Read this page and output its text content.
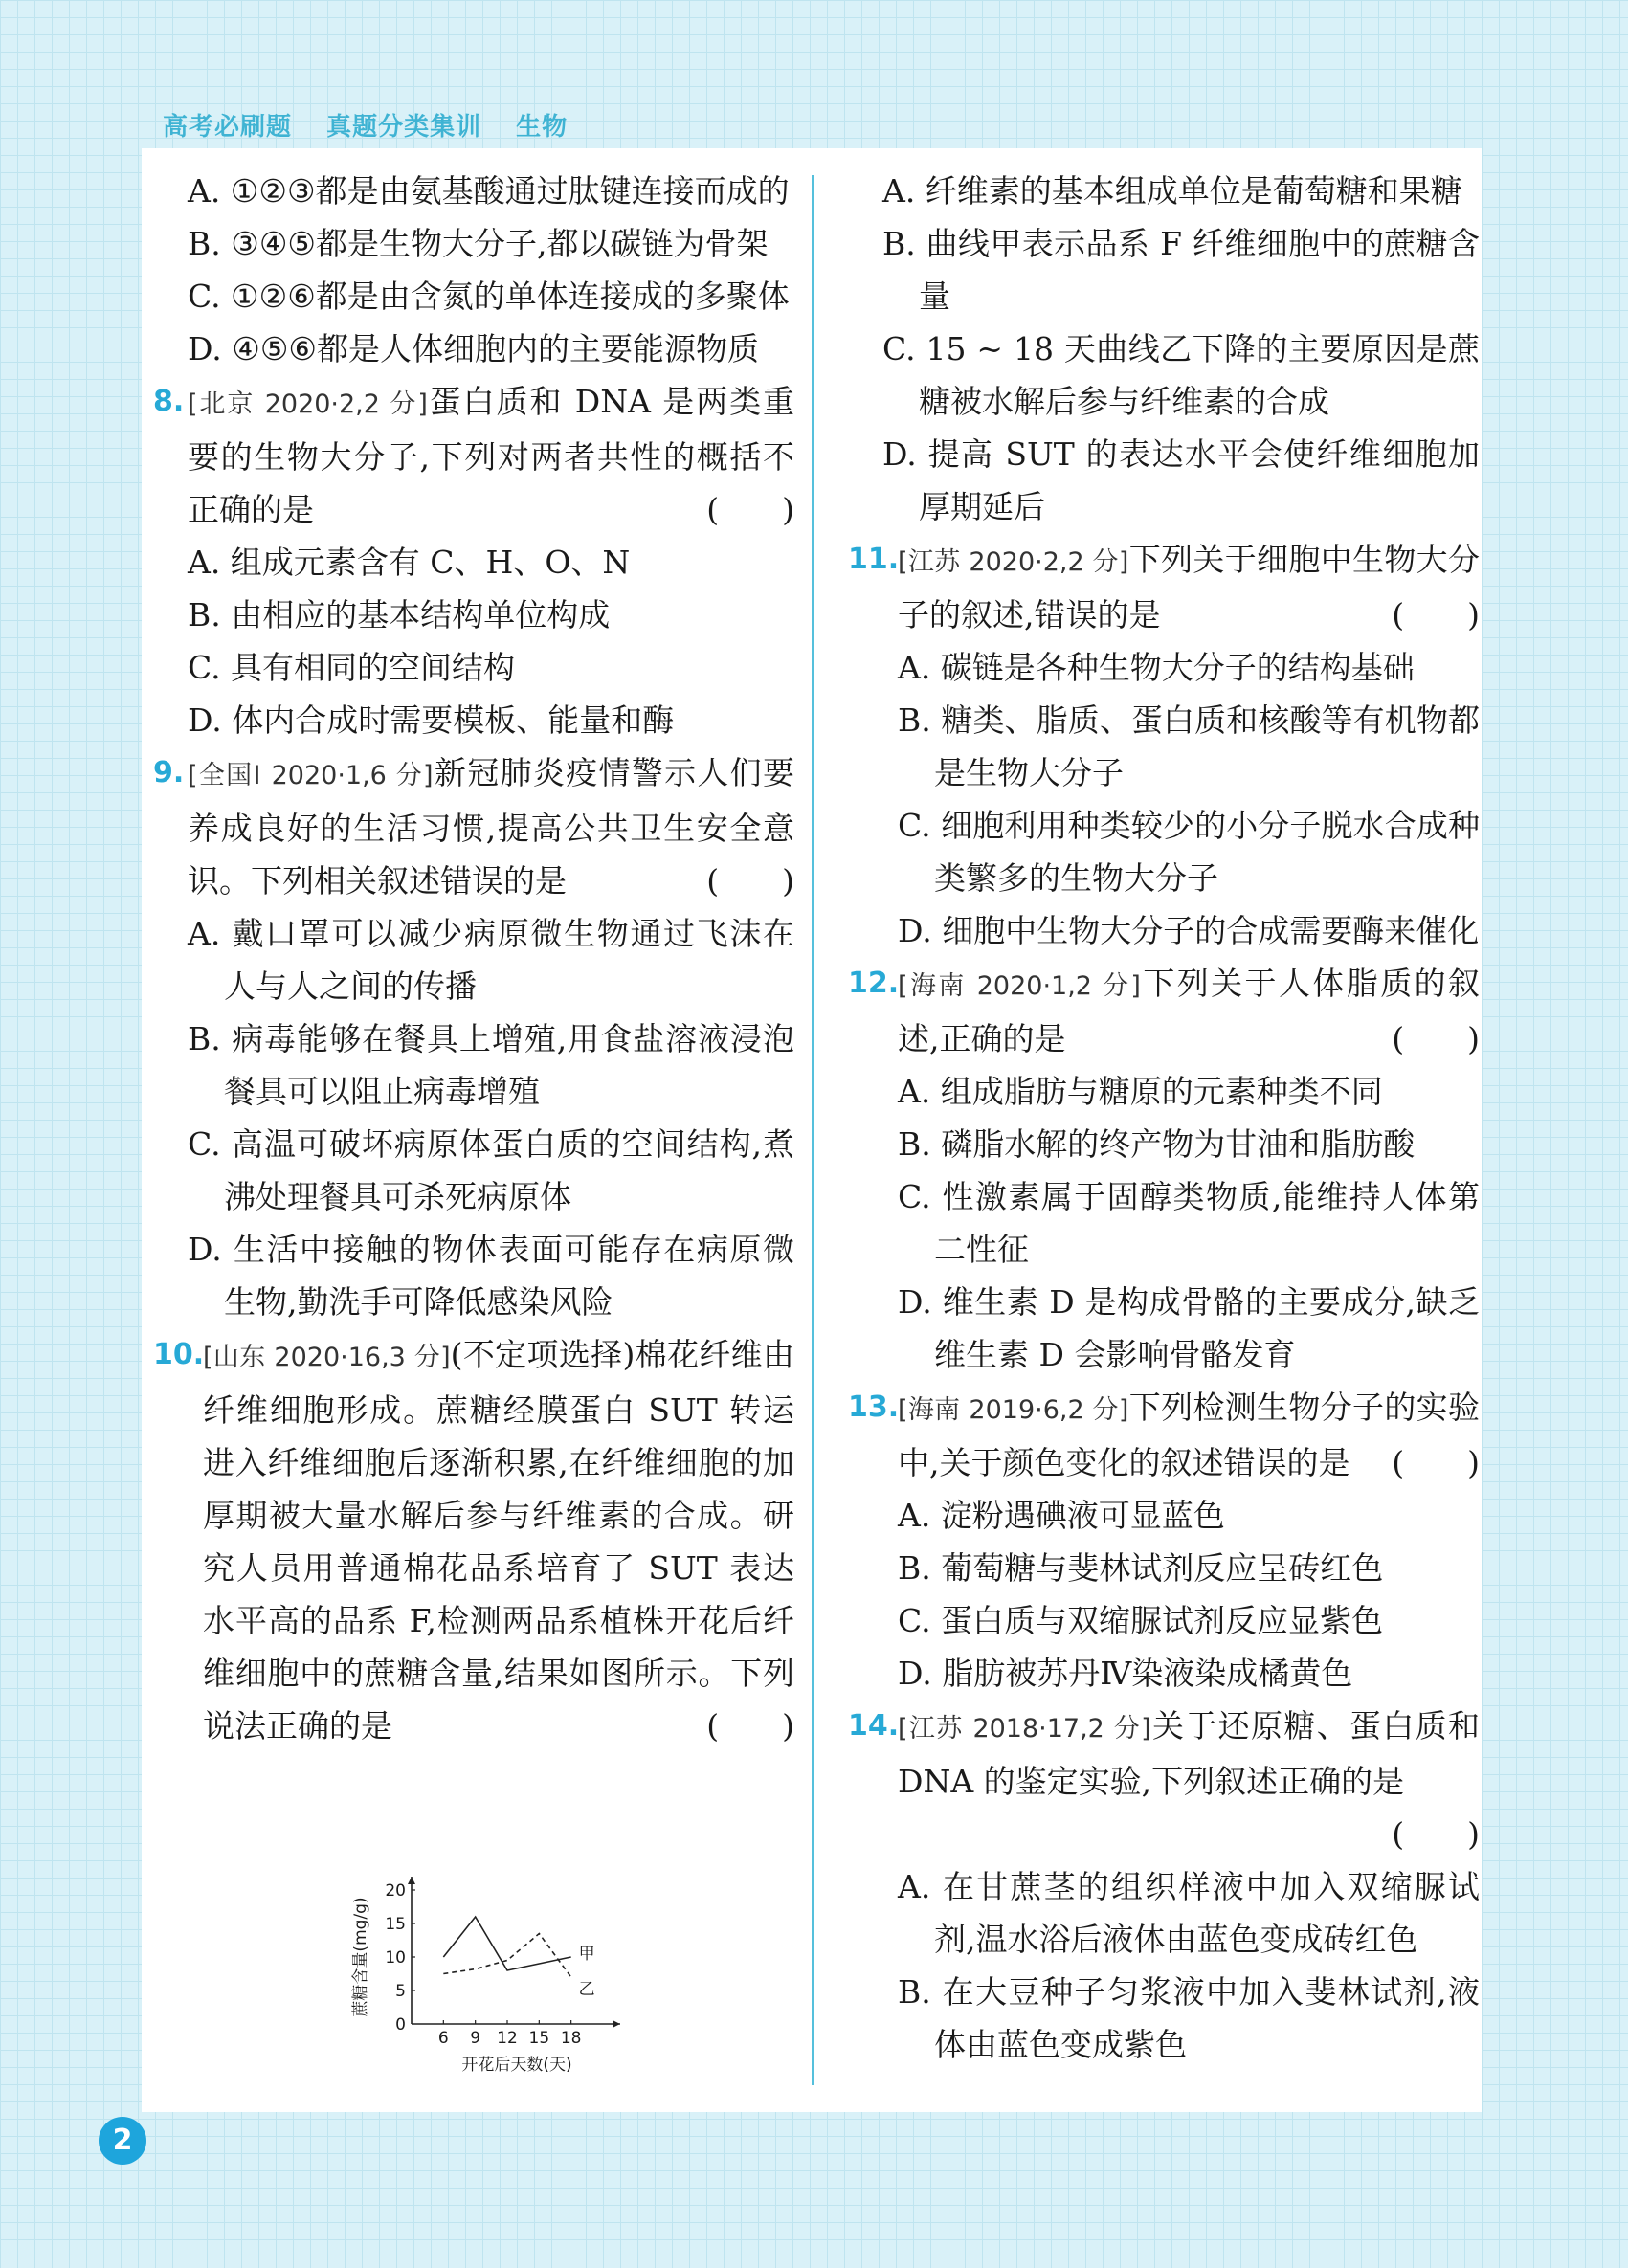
高考必刷题 真题分类集训 生物
A. ①②③都是由氨基酸通过肽键连接而成的
B. ③④⑤都是生物大分子,都以碳链为骨架
C. ①②⑥都是由含氮的单体连接成的多聚体
D. ④⑤⑥都是人体细胞内的主要能源物质
8. [北京 2020·2,2 分]蛋白质和 DNA 是两类重要的生物大分子,下列对两者共性的概括不正确的是	(　　)
A. 组成元素含有 C、H、O、N
B. 由相应的基本结构单位构成
C. 具有相同的空间结构
D. 体内合成时需要模板、能量和酶
9. [全国Ⅰ 2020·1,6 分]新冠肺炎疫情警示人们要养成良好的生活习惯,提高公共卫生安全意识。下列相关叙述错误的是	(　　)
A. 戴口罩可以减少病原微生物通过飞沫在人与人之间的传播
B. 病毒能够在餐具上增殖,用食盐溶液浸泡餐具可以阻止病毒增殖
C. 高温可破坏病原体蛋白质的空间结构,煮沸处理餐具可杀死病原体
D. 生活中接触的物体表面可能存在病原微生物,勤洗手可降低感染风险
10.
[山东 2020·16,3 分](不定项选择)棉花纤维由纤维细胞形成。蔗糖经膜蛋白 SUT 转运进入纤维细胞后逐渐积累,在纤维细胞的加厚期被大量水解后参与纤维素的合成。研究人员用普通棉花品系培育了 SUT 表达水平高的品系 F,检测两品系植株开花后纤维细胞中的蔗糖含量,结果如图所示。下列说法正确的是	(　　)
6 9 12 15 18
0
5
10
15
20
甲
乙
蔗糖含量(mg/g)
开花后天数(天)
A. 纤维素的基本组成单位是葡萄糖和果糖
B. 曲线甲表示品系 F 纤维细胞中的蔗糖含量
C. 15 ~ 18 天曲线乙下降的主要原因是蔗糖被水解后参与纤维素的合成
D. 提高 SUT 的表达水平会使纤维细胞加厚期延后
11.
[江苏 2020·2,2 分]下列关于细胞中生物大分子的叙述,错误的是	(　　)
A. 碳链是各种生物大分子的结构基础
B. 糖类、脂质、蛋白质和核酸等有机物都是生物大分子
C. 细胞利用种类较少的小分子脱水合成种类繁多的生物大分子
D. 细胞中生物大分子的合成需要酶来催化
12.
[海南 2020·1,2 分]下列关于人体脂质的叙述,正确的是	(　　)
A. 组成脂肪与糖原的元素种类不同
B. 磷脂水解的终产物为甘油和脂肪酸
C. 性激素属于固醇类物质,能维持人体第二性征
D. 维生素 D 是构成骨骼的主要成分,缺乏维生素 D 会影响骨骼发育
13.
[海南 2019·6,2 分]下列检测生物分子的实验中,关于颜色变化的叙述错误的是 (　　)
A. 淀粉遇碘液可显蓝色
B. 葡萄糖与斐林试剂反应呈砖红色
C. 蛋白质与双缩脲试剂反应显紫色
D. 脂肪被苏丹Ⅳ染液染成橘黄色
14.
[江苏 2018·17,2 分]关于还原糖、蛋白质和 DNA 的鉴定实验,下列叙述正确的是
(　　)
A. 在甘蔗茎的组织样液中加入双缩脲试剂,温水浴后液体由蓝色变成砖红色
B. 在大豆种子匀浆液中加入斐林试剂,液体由蓝色变成紫色
2
